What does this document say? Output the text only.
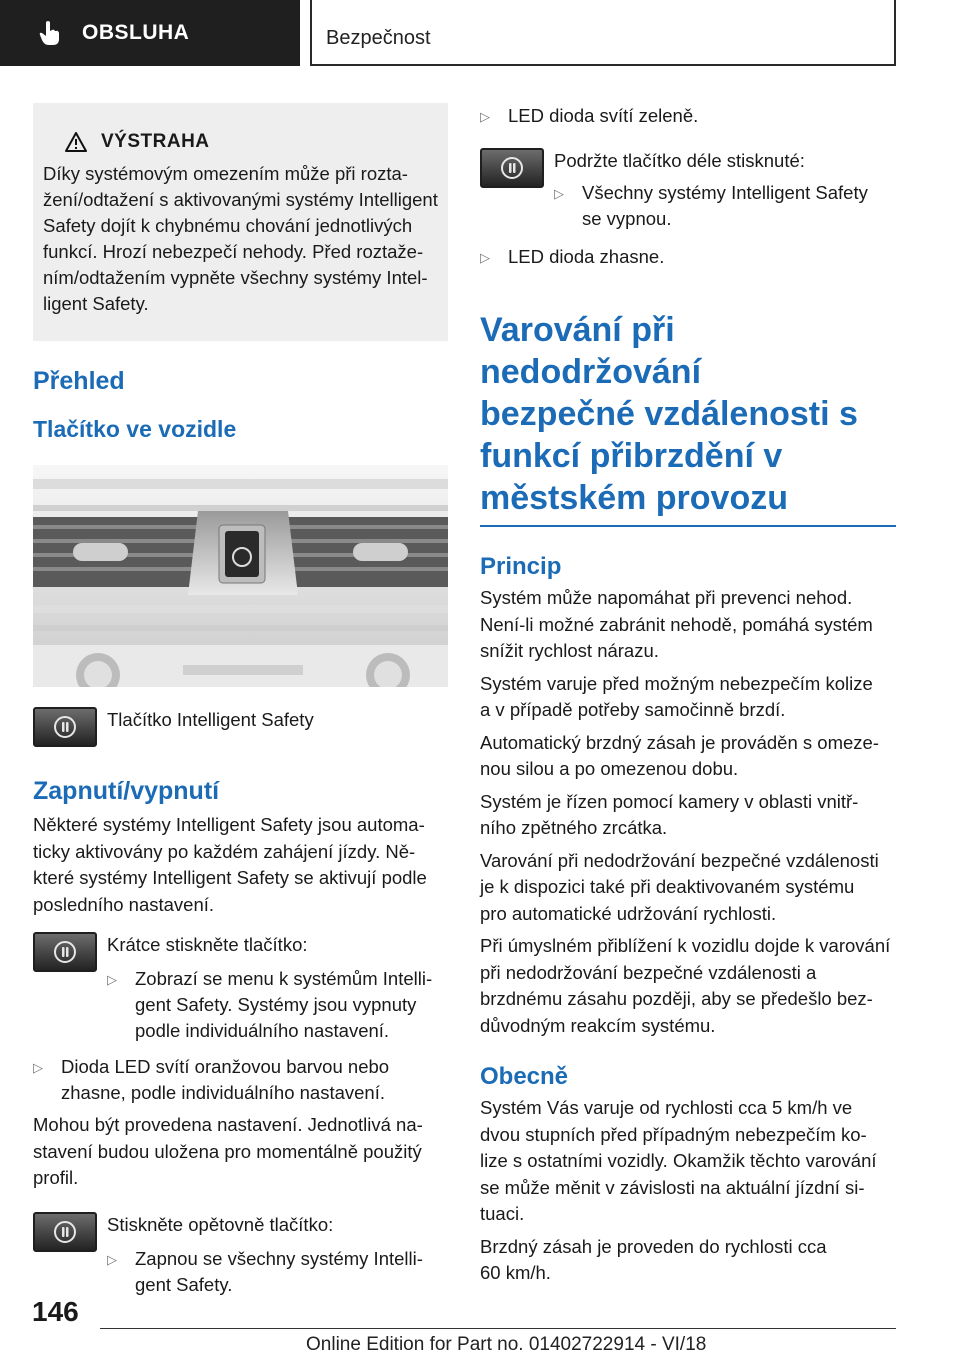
OBSLUHA	Bezpečnost
VÝSTRAHA
Díky systémovým omezením může při rozta‐
žení/odtažení s aktivovanými systémy Intelligent
Safety dojít k chybnému chování jednotlivých
funkcí. Hrozí nebezpečí nehody. Před roztaže‐
ním/odtažením vypněte všechny systémy Intel‐
ligent Safety.
Přehled
Tlačítko ve vozidle
Tlačítko Intelligent Safety
Zapnutí/vypnutí

Některé systémy Intelligent Safety jsou automa‐

ticky aktivovány po každém zahájení jízdy. Ně‐

které systémy Intelligent Safety se aktivují podle

posledního nastavení.

Krátce stiskněte tlačítko:
▷ Zobrazí se menu k systémům Intelli‐
gent Safety. Systémy jsou vypnuty
podle individuálního nastavení.
▷ Dioda LED svítí oranžovou barvou nebo
zhasne, podle individuálního nastavení.

Mohou být provedena nastavení. Jednotlivá na‐

stavení budou uložena pro momentálně použitý

profil.

Stiskněte opětovně tlačítko:
▷ Zapnou se všechny systémy Intelli‐
gent Safety.
▷ LED dioda svítí zeleně.
Podržte tlačítko déle stisknuté:
▷ Všechny systémy Intelligent Safety
se vypnou.
▷ LED dioda zhasne.
Varování při nedodržování
bezpečné vzdálenosti s
funkcí přibrzdění v
městském provozu
Princip

Systém může napomáhat při prevenci nehod.

Není-li možné zabránit nehodě, pomáhá systém

snížit rychlost nárazu.

Systém varuje před možným nebezpečím kolize

a v případě potřeby samočinně brzdí.

Automatický brzdný zásah je prováděn s omeze‐

nou silou a po omezenou dobu.

Systém je řízen pomocí kamery v oblasti vnitř‐

ního zpětného zrcátka.

Varování při nedodržování bezpečné vzdálenosti

je k dispozici také při deaktivovaném systému

pro automatické udržování rychlosti.

Při úmyslném přiblížení k vozidlu dojde k varování

při nedodržování bezpečné vzdálenosti a

brzdnému zásahu později, aby se předešlo bez‐

důvodným reakcím systému.

Obecně

Systém Vás varuje od rychlosti cca 5 km/h ve

dvou stupních před případným nebezpečím ko‐

lize s ostatními vozidly. Okamžik těchto varování

se může měnit v závislosti na aktuální jízdní si‐

tuaci.

Brzdný zásah je proveden do rychlosti cca

60 km/h.

146
Online Edition for Part no. 01402722914 - VI/18
